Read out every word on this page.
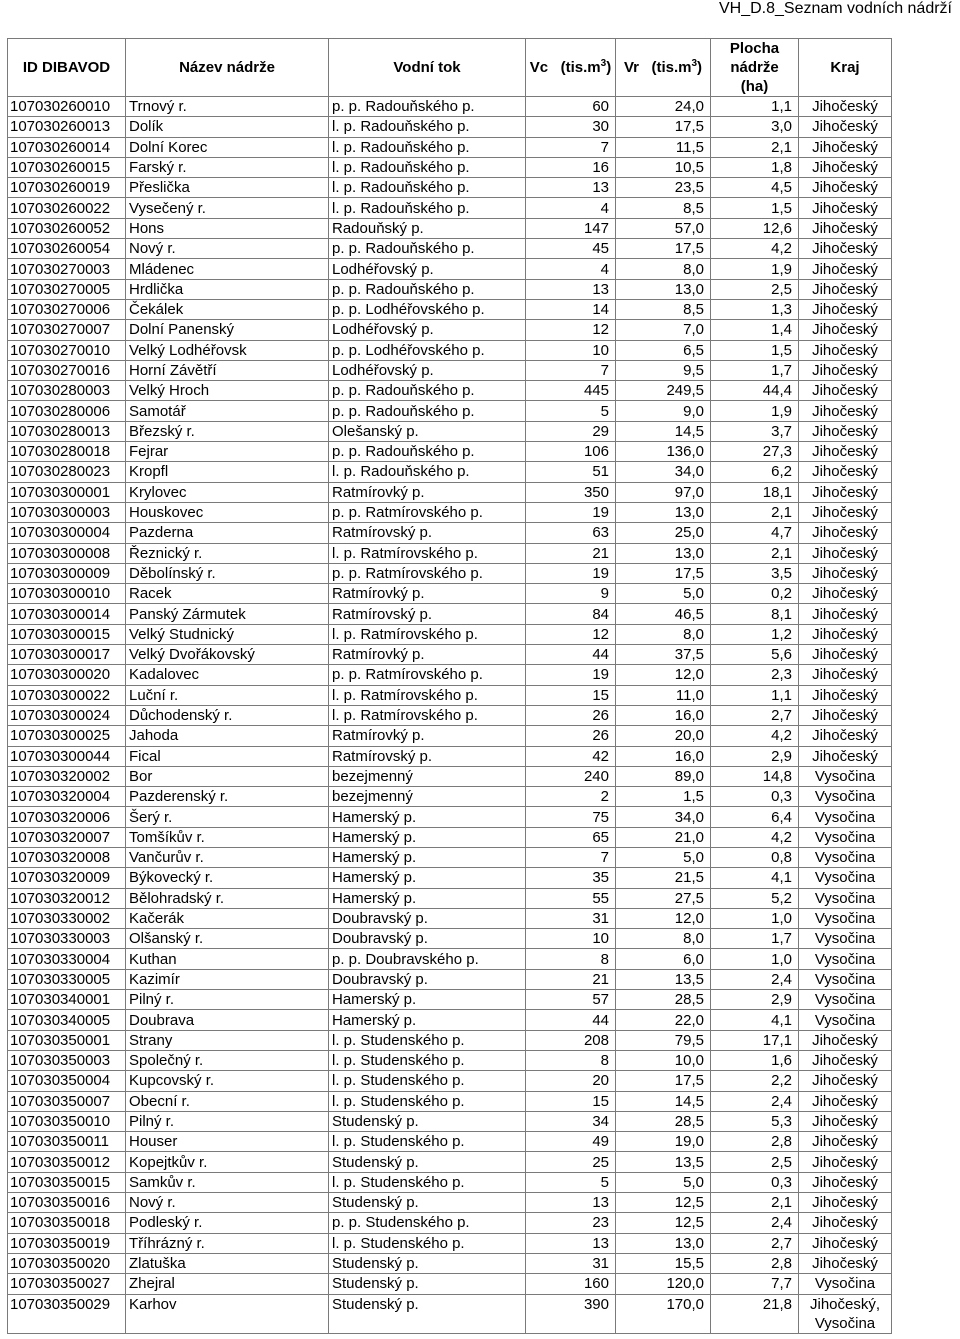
VH_D.8_Seznam vodních nádrží
ID DIBAVOD	Název nádrže	Vodní tok	Vc $(tis.m^3)$	Vr $(tis.m^3)$	Plocha
nádrže
(ha)	Kraj
107030260010	Trnový r.	p. p. Radouňského p.	60	24,0	1,1	Jihočeský
107030260013	Dolík	l. p. Radouňského p.	30	17,5	3,0	Jihočeský
107030260014	Dolní Korec	l. p. Radouňského p.	7	11,5	2,1	Jihočeský
107030260015	Farský r.	l. p. Radouňského p.	16	10,5	1,8	Jihočeský
107030260019	Přeslička	l. p. Radouňského p.	13	23,5	4,5	Jihočeský
107030260022	Vysečený r.	l. p. Radouňského p.	4	8,5	1,5	Jihočeský
107030260052	Hons	Radouňský p.	147	57,0	12,6	Jihočeský
107030260054	Nový r.	p. p. Radouňského p.	45	17,5	4,2	Jihočeský
107030270003	Mládenec	Lodhéřovský p.	4	8,0	1,9	Jihočeský
107030270005	Hrdlička	p. p. Radouňského p.	13	13,0	2,5	Jihočeský
107030270006	Čekálek	p. p. Lodhéřovského p.	14	8,5	1,3	Jihočeský
107030270007	Dolní Panenský	Lodhéřovský p.	12	7,0	1,4	Jihočeský
107030270010	Velký Lodhéřovsk	p. p. Lodhéřovského p.	10	6,5	1,5	Jihočeský
107030270016	Horní Závětří	Lodhéřovský p.	7	9,5	1,7	Jihočeský
107030280003	Velký Hroch	p. p. Radouňského p.	445	249,5	44,4	Jihočeský
107030280006	Samotář	p. p. Radouňského p.	5	9,0	1,9	Jihočeský
107030280013	Březský r.	Olešanský p.	29	14,5	3,7	Jihočeský
107030280018	Fejrar	p. p. Radouňského p.	106	136,0	27,3	Jihočeský
107030280023	Kropfl	l. p. Radouňského p.	51	34,0	6,2	Jihočeský
107030300001	Krylovec	Ratmírovký p.	350	97,0	18,1	Jihočeský
107030300003	Houskovec	p. p. Ratmírovského p.	19	13,0	2,1	Jihočeský
107030300004	Pazderna	Ratmírovský p.	63	25,0	4,7	Jihočeský
107030300008	Řeznický r.	l. p. Ratmírovského p.	21	13,0	2,1	Jihočeský
107030300009	Děbolínský r.	p. p. Ratmírovského p.	19	17,5	3,5	Jihočeský
107030300010	Racek	Ratmírovký p.	9	5,0	0,2	Jihočeský
107030300014	Panský Zármutek	Ratmírovský p.	84	46,5	8,1	Jihočeský
107030300015	Velký Studnický	l. p. Ratmírovského p.	12	8,0	1,2	Jihočeský
107030300017	Velký Dvořákovský	Ratmírovký p.	44	37,5	5,6	Jihočeský
107030300020	Kadalovec	p. p. Ratmírovského p.	19	12,0	2,3	Jihočeský
107030300022	Luční r.	l. p. Ratmírovského p.	15	11,0	1,1	Jihočeský
107030300024	Důchodenský r.	l. p. Ratmírovského p.	26	16,0	2,7	Jihočeský
107030300025	Jahoda	Ratmírovký p.	26	20,0	4,2	Jihočeský
107030300044	Fical	Ratmírovský p.	42	16,0	2,9	Jihočeský
107030320002	Bor	bezejmenný	240	89,0	14,8	Vysočina
107030320004	Pazderenský r.	bezejmenný	2	1,5	0,3	Vysočina
107030320006	Šerý r.	Hamerský p.	75	34,0	6,4	Vysočina
107030320007	Tomšíkův r.	Hamerský p.	65	21,0	4,2	Vysočina
107030320008	Vančurův r.	Hamerský p.	7	5,0	0,8	Vysočina
107030320009	Býkovecký r.	Hamerský p.	35	21,5	4,1	Vysočina
107030320012	Bělohradský r.	Hamerský p.	55	27,5	5,2	Vysočina
107030330002	Kačerák	Doubravský p.	31	12,0	1,0	Vysočina
107030330003	Olšanský r.	Doubravský p.	10	8,0	1,7	Vysočina
107030330004	Kuthan	p. p. Doubravského p.	8	6,0	1,0	Vysočina
107030330005	Kazimír	Doubravský p.	21	13,5	2,4	Vysočina
107030340001	Pilný r.	Hamerský p.	57	28,5	2,9	Vysočina
107030340005	Doubrava	Hamerský p.	44	22,0	4,1	Vysočina
107030350001	Strany	l. p. Studenského p.	208	79,5	17,1	Jihočeský
107030350003	Společný r.	l. p. Studenského p.	8	10,0	1,6	Jihočeský
107030350004	Kupcovský r.	l. p. Studenského p.	20	17,5	2,2	Jihočeský
107030350007	Obecní r.	l. p. Studenského p.	15	14,5	2,4	Jihočeský
107030350010	Pilný r.	Studenský p.	34	28,5	5,3	Jihočeský
107030350011	Houser	l. p. Studenského p.	49	19,0	2,8	Jihočeský
107030350012	Kopejtkův r.	Studenský p.	25	13,5	2,5	Jihočeský
107030350015	Samkův r.	l. p. Studenského p.	5	5,0	0,3	Jihočeský
107030350016	Nový r.	Studenský p.	13	12,5	2,1	Jihočeský
107030350018	Podleský r.	p. p. Studenského p.	23	12,5	2,4	Jihočeský
107030350019	Tříhrázný r.	l. p. Studenského p.	13	13,0	2,7	Jihočeský
107030350020	Zlatuška	Studenský p.	31	15,5	2,8	Jihočeský
107030350027	Zhejral	Studenský p.	160	120,0	7,7	Vysočina
107030350029	Karhov	Studenský p.	390	170,0	21,8	Jihočeský, Vysočina
